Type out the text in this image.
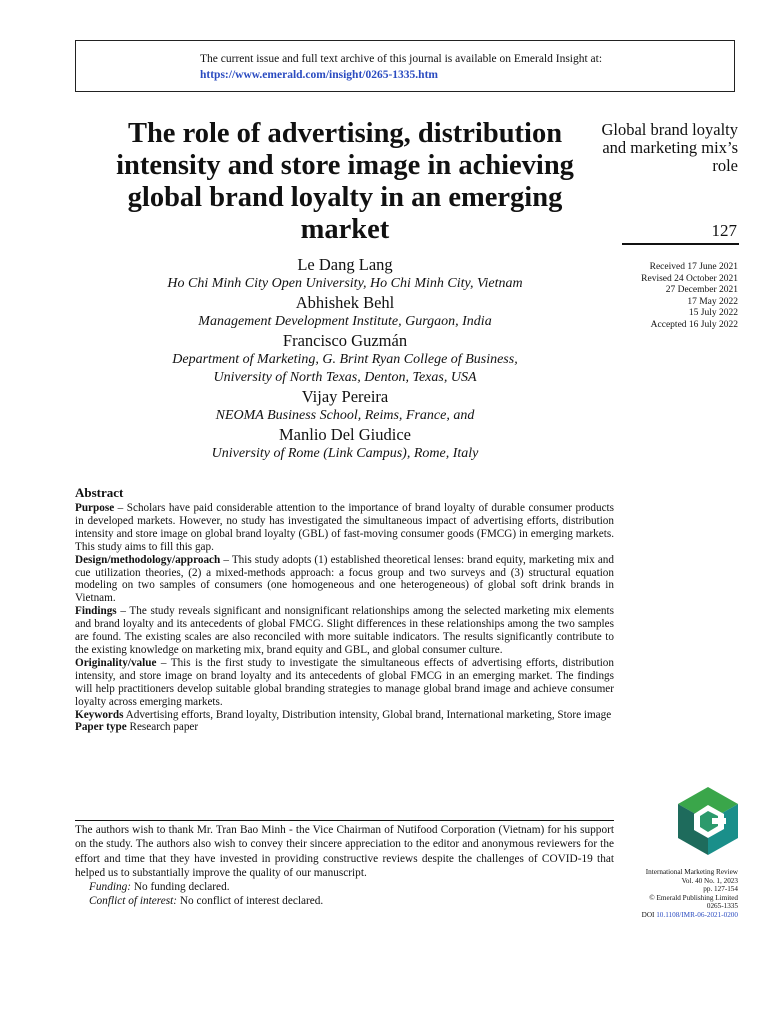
The current issue and full text archive of this journal is available on Emerald Insight at:
https://www.emerald.com/insight/0265-1335.htm
The role of advertising, distribution intensity and store image in achieving global brand loyalty in an emerging market
Global brand loyalty and marketing mix’s role
127
Received 17 June 2021
Revised 24 October 2021
27 December 2021
17 May 2022
15 July 2022
Accepted 16 July 2022
Le Dang Lang
Ho Chi Minh City Open University, Ho Chi Minh City, Vietnam
Abhishek Behl
Management Development Institute, Gurgaon, India
Francisco Guzmán
Department of Marketing, G. Brint Ryan College of Business,
University of North Texas, Denton, Texas, USA
Vijay Pereira
NEOMA Business School, Reims, France, and
Manlio Del Giudice
University of Rome (Link Campus), Rome, Italy
Abstract

Purpose – Scholars have paid considerable attention to the importance of brand loyalty of durable consumer products in developed markets. However, no study has investigated the simultaneous impact of advertising efforts, distribution intensity and store image on global brand loyalty (GBL) of fast-moving consumer goods (FMCG) in emerging markets. This study aims to fill this gap.

Design/methodology/approach – This study adopts (1) established theoretical lenses: brand equity, marketing mix and cue utilization theories, (2) a mixed-methods approach: a focus group and two surveys and (3) structural equation modeling on two samples of consumers (one homogeneous and one heterogeneous) of global soft drink brands in Vietnam.

Findings – The study reveals significant and nonsignificant relationships among the selected marketing mix elements and brand loyalty and its antecedents of global FMCG. Slight differences in these relationships among the two samples are found. The existing scales are also reconciled with more suitable indicators. The results significantly contribute to the existing knowledge on marketing mix, brand equity and GBL, and global consumer culture.

Originality/value – This is the first study to investigate the simultaneous effects of advertising efforts, distribution intensity, and store image on brand loyalty and its antecedents of global FMCG in an emerging market. The findings will help practitioners develop suitable global branding strategies to manage global brand image and achieve consumer loyalty across emerging markets.

Keywords Advertising efforts, Brand loyalty, Distribution intensity, Global brand, International marketing, Store image

Paper type Research paper

The authors wish to thank Mr. Tran Bao Minh - the Vice Chairman of Nutifood Corporation (Vietnam) for his support on the study. The authors also wish to convey their sincere appreciation to the editor and anonymous reviewers for the effort and time that they have invested in providing constructive reviews despite the challenges of COVID-19 that helped us to substantially improve the quality of our manuscript.

Funding: No funding declared.

Conflict of interest: No conflict of interest declared.

International Marketing Review
Vol. 40 No. 1, 2023
pp. 127-154
© Emerald Publishing Limited
0265-1335
DOI 10.1108/IMR-06-2021-0200
